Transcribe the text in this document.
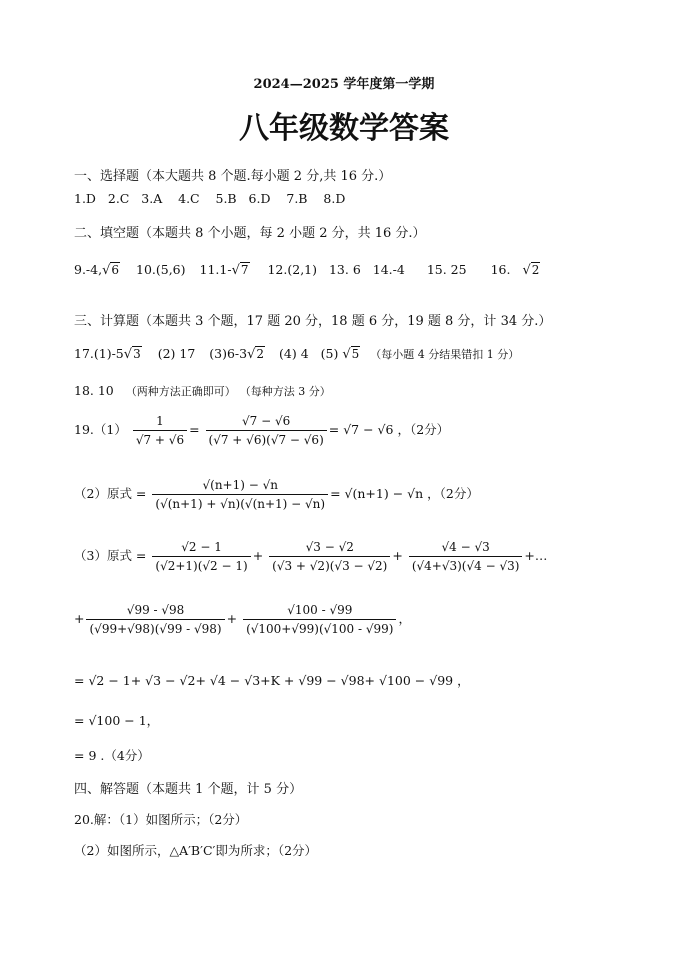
2024—2025 学年度第一学期
八年级数学答案
一、选择题（本大题共 8 个题.每小题 2 分,共 16 分.）
1.D   2.C   3.A    4.C    5.B   6.D    7.B    8.D
二、填空题（本题共 8 个小题，每 2 小题 2 分，共 16 分.）
9.-4,√6 10.(5,6) 11.1-√7 12.(2,1) 13. 6 14.-4 15. 25 16. √2
三、计算题（本题共 3 个题，17 题 20 分，18 题 6 分，19 题 8 分，计 34 分.）
17.(1)-5√3 (2) 17 (3)6-3√2 (4) 4 (5) √5 （每小题 4 分结果错扣 1 分）
18. 10 （两种方法正确即可） （每种方法 3 分）
$19.(1) \frac{1}{√7 + √6} = \frac{√7 - √6}{(√7 + √6)(√7 - √6)} = √7 - √6$ ，（2分）
（2）原式 = $\frac{√(n+1) - √n}{(√(n+1) + √n)(√(n+1) - √n)} = √(n+1) - √n$ ，（2分）
（3）原式 = $\frac{√2 - 1}{(√2+1)(√2 - 1)} + \frac{√3 - √2}{(√3 + √2)(√3 - √2)} + \frac{√4 - √3}{(√4+√3)(√4 - √3)}$ +…
+ $\frac{√99 - √98}{(√99+√98)(√99 - √98)} + \frac{√100 - √99}{(√100+√99)(√100 - √99)}$ ，
= √2 − 1+ √3 − √2+ √4 − √3+K + √99 − √98+ √100 − √99 ，
= √100 − 1，
= 9 .（4分）
四、解答题（本题共 1 个题，计 5 分）
20.解：（1）如图所示；（2分）
（2）如图所示，△A′B′C′即为所求；（2分）
